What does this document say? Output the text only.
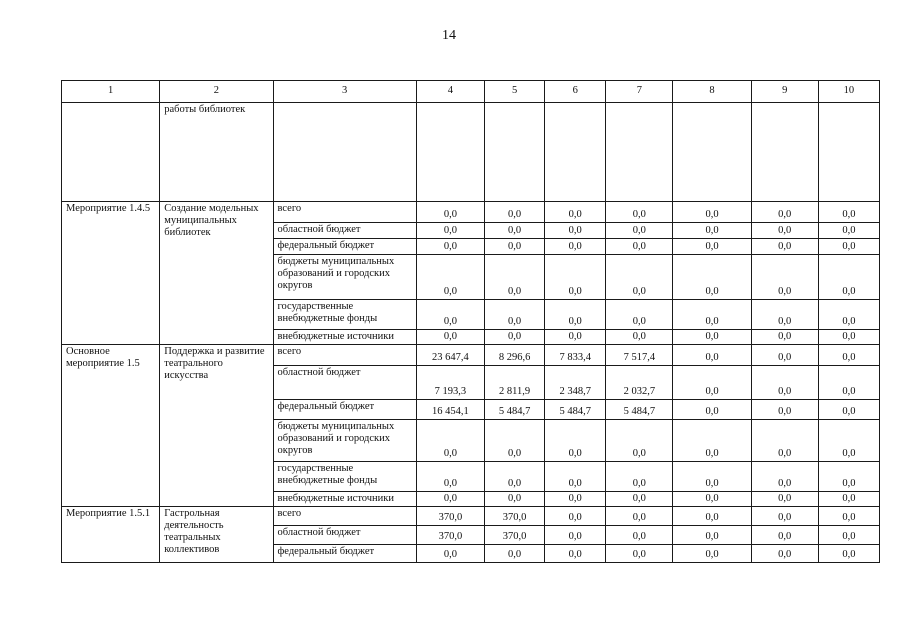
14
1	2	3	4	5	6	7	8	9	10
	работы библиотек								
Мероприятие 1.4.5	Создание модельных муниципальных библиотек	всего	0,0	0,0	0,0	0,0	0,0	0,0	0,0
		областной бюджет	0,0	0,0	0,0	0,0	0,0	0,0	0,0
		федеральный бюджет	0,0	0,0	0,0	0,0	0,0	0,0	0,0
		бюджеты муниципальных образований и городских округов	0,0	0,0	0,0	0,0	0,0	0,0	0,0
		государственные внебюджетные фонды	0,0	0,0	0,0	0,0	0,0	0,0	0,0
		внебюджетные источники	0,0	0,0	0,0	0,0	0,0	0,0	0,0
Основное мероприятие 1.5	Поддержка и развитие театрального искусства	всего	23 647,4	8 296,6	7 833,4	7 517,4	0,0	0,0	0,0
		областной бюджет	7 193,3	2 811,9	2 348,7	2 032,7	0,0	0,0	0,0
		федеральный бюджет	16 454,1	5 484,7	5 484,7	5 484,7	0,0	0,0	0,0
		бюджеты муниципальных образований и городских округов	0,0	0,0	0,0	0,0	0,0	0,0	0,0
		государственные внебюджетные фонды	0,0	0,0	0,0	0,0	0,0	0,0	0,0
		внебюджетные источники	0,0	0,0	0,0	0,0	0,0	0,0	0,0
Мероприятие 1.5.1	Гастрольная деятельность театральных коллективов	всего	370,0	370,0	0,0	0,0	0,0	0,0	0,0
		областной бюджет	370,0	370,0	0,0	0,0	0,0	0,0	0,0
		федеральный бюджет	0,0	0,0	0,0	0,0	0,0	0,0	0,0
